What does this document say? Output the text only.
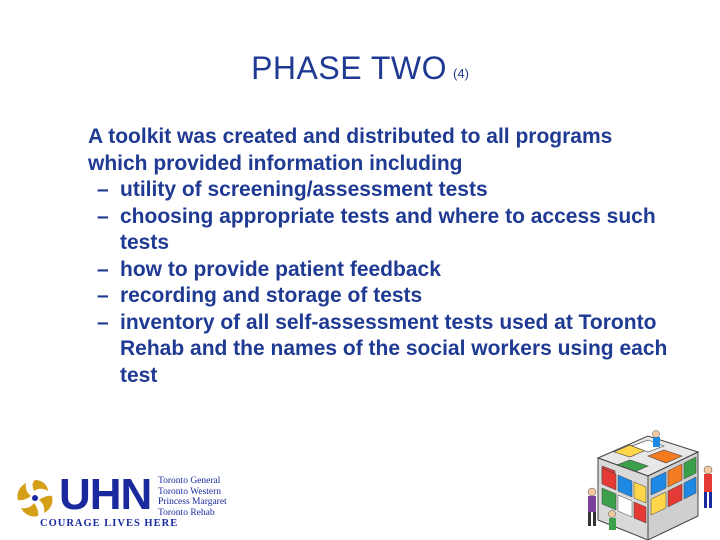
PHASE TWO (4)

A toolkit was created and distributed to all programs which provided information including

– utility of screening/assessment tests
– choosing appropriate tests and where to access such tests
– how to provide patient feedback
– recording and storage of tests
– inventory of all self-assessment tests used at Toronto Rehab and the names of the social workers using each test
UHN Toronto General
Toronto Western
Princess Margaret
Toronto Rehab
COURAGE LIVES HERE
